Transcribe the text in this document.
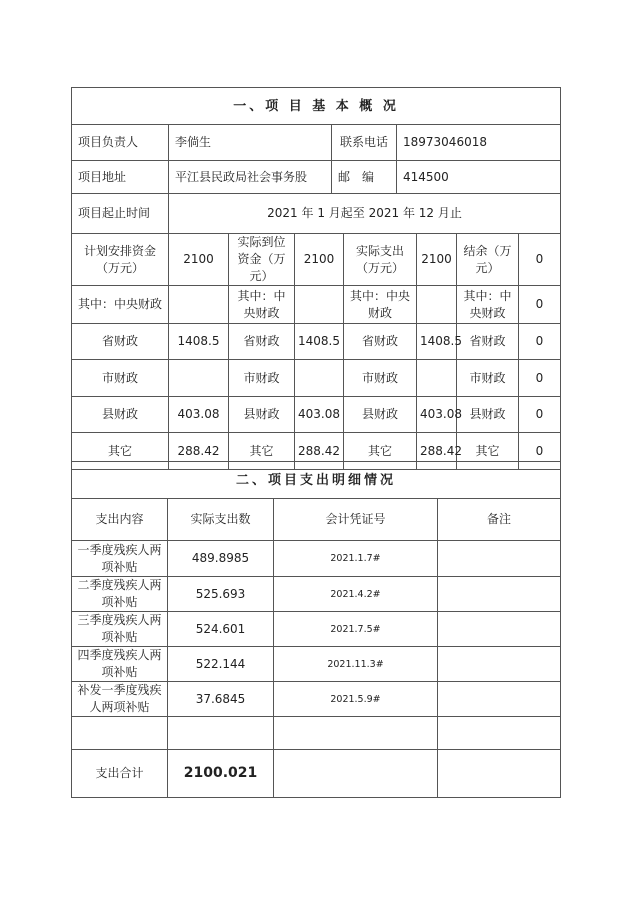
一、项 目 基 本 概 况			
项目负责人	李倘生	联系电话	18973046018
项目地址	平江县民政局社会事务股	邮　编	414500
项目起止时间	2021 年 1 月起至 2021 年 12 月止		
计划安排资金（万元）	2100	实际到位资金（万元）	2100	实际支出（万元）	2100	结余（万元）	0
其中：中央财政		其中：中央财政		其中：中央财政		其中：中央财政	0
省财政	1408.5	省财政	1408.5	省财政	1408.5	省财政	0
市财政		市财政		市财政		市财政	0
县财政	403.08	县财政	403.08	县财政	403.08	县财政	0
其它	288.42	其它	288.42	其它	288.42	其它	0
二、项目支出明细情况			
支出内容	实际支出数	会计凭证号	备注
一季度残疾人两项补贴	489.8985	2021.1.7#	
二季度残疾人两项补贴	525.693	2021.4.2#	
三季度残疾人两项补贴	524.601	2021.7.5#	
四季度残疾人两项补贴	522.144	2021.11.3#	
补发一季度残疾人两项补贴	37.6845	2021.5.9#	

支出合计	2100.021		
